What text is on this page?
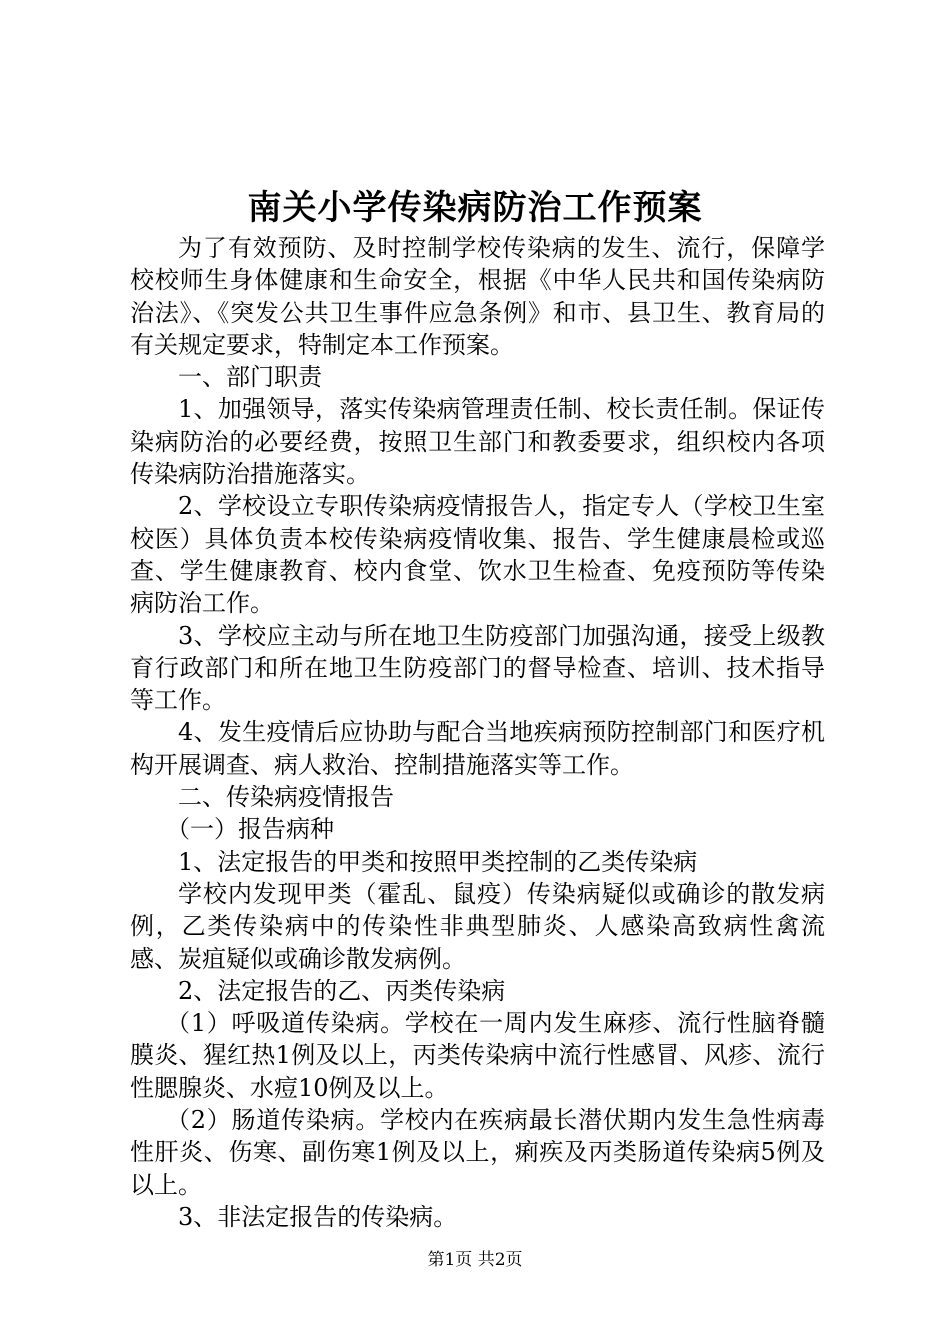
南关小学传染病防治工作预案

为了有效预防、及时控制学校传染病的发生、流行，保障学校校师生身体健康和生命安全，根据《中华人民共和国传染病防治法》、《突发公共卫生事件应急条例》和市、县卫生、教育局的有关规定要求，特制定本工作预案。

一、部门职责

1、加强领导，落实传染病管理责任制、校长责任制。保证传染病防治的必要经费，按照卫生部门和教委要求，组织校内各项传染病防治措施落实。

2、学校设立专职传染病疫情报告人，指定专人（学校卫生室校医）具体负责本校传染病疫情收集、报告、学生健康晨检或巡查、学生健康教育、校内食堂、饮水卫生检查、免疫预防等传染病防治工作。

3、学校应主动与所在地卫生防疫部门加强沟通，接受上级教育行政部门和所在地卫生防疫部门的督导检查、培训、技术指导等工作。

4、发生疫情后应协助与配合当地疾病预防控制部门和医疗机构开展调查、病人救治、控制措施落实等工作。

二、传染病疫情报告

（一）报告病种

1、法定报告的甲类和按照甲类控制的乙类传染病

学校内发现甲类（霍乱、鼠疫）传染病疑似或确诊的散发病例，乙类传染病中的传染性非典型肺炎、人感染高致病性禽流感、炭疽疑似或确诊散发病例。

2、法定报告的乙、丙类传染病

（1）呼吸道传染病。学校在一周内发生麻疹、流行性脑脊髓膜炎、猩红热1例及以上，丙类传染病中流行性感冒、风疹、流行性腮腺炎、水痘10例及以上。

（2）肠道传染病。学校内在疾病最长潜伏期内发生急性病毒性肝炎、伤寒、副伤寒1例及以上，痢疾及丙类肠道传染病5例及以上。

3、非法定报告的传染病。

第1页 共2页
